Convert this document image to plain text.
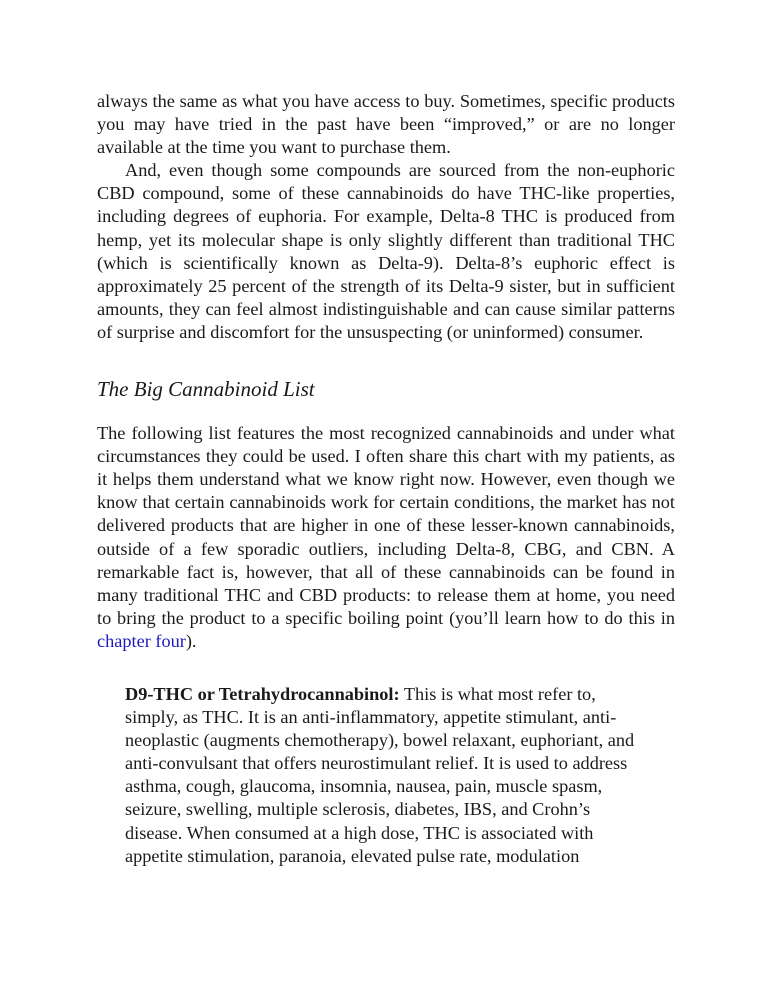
always the same as what you have access to buy. Sometimes, specific products you may have tried in the past have been “improved,” or are no longer available at the time you want to purchase them.

And, even though some compounds are sourced from the non-euphoric CBD compound, some of these cannabinoids do have THC-like properties, including degrees of euphoria. For example, Delta-8 THC is produced from hemp, yet its molecular shape is only slightly different than traditional THC (which is scientifically known as Delta-9). Delta-8’s euphoric effect is approximately 25 percent of the strength of its Delta-9 sister, but in sufficient amounts, they can feel almost indistinguishable and can cause similar patterns of surprise and discomfort for the unsuspecting (or uninformed) consumer.

The Big Cannabinoid List

The following list features the most recognized cannabinoids and under what circumstances they could be used. I often share this chart with my patients, as it helps them understand what we know right now. However, even though we know that certain cannabinoids work for certain conditions, the market has not delivered products that are higher in one of these lesser-known cannabinoids, outside of a few sporadic outliers, including Delta-8, CBG, and CBN. A remarkable fact is, however, that all of these cannabinoids can be found in many traditional THC and CBD products: to release them at home, you need to bring the product to a specific boiling point (you’ll learn how to do this in chapter four).

D9-THC or Tetrahydrocannabinol: This is what most refer to, simply, as THC. It is an anti-inflammatory, appetite stimulant, anti-neoplastic (augments chemotherapy), bowel relaxant, euphoriant, and anti-convulsant that offers neurostimulant relief. It is used to address asthma, cough, glaucoma, insomnia, nausea, pain, muscle spasm, seizure, swelling, multiple sclerosis, diabetes, IBS, and Crohn’s disease. When consumed at a high dose, THC is associated with appetite stimulation, paranoia, elevated pulse rate, modulation
